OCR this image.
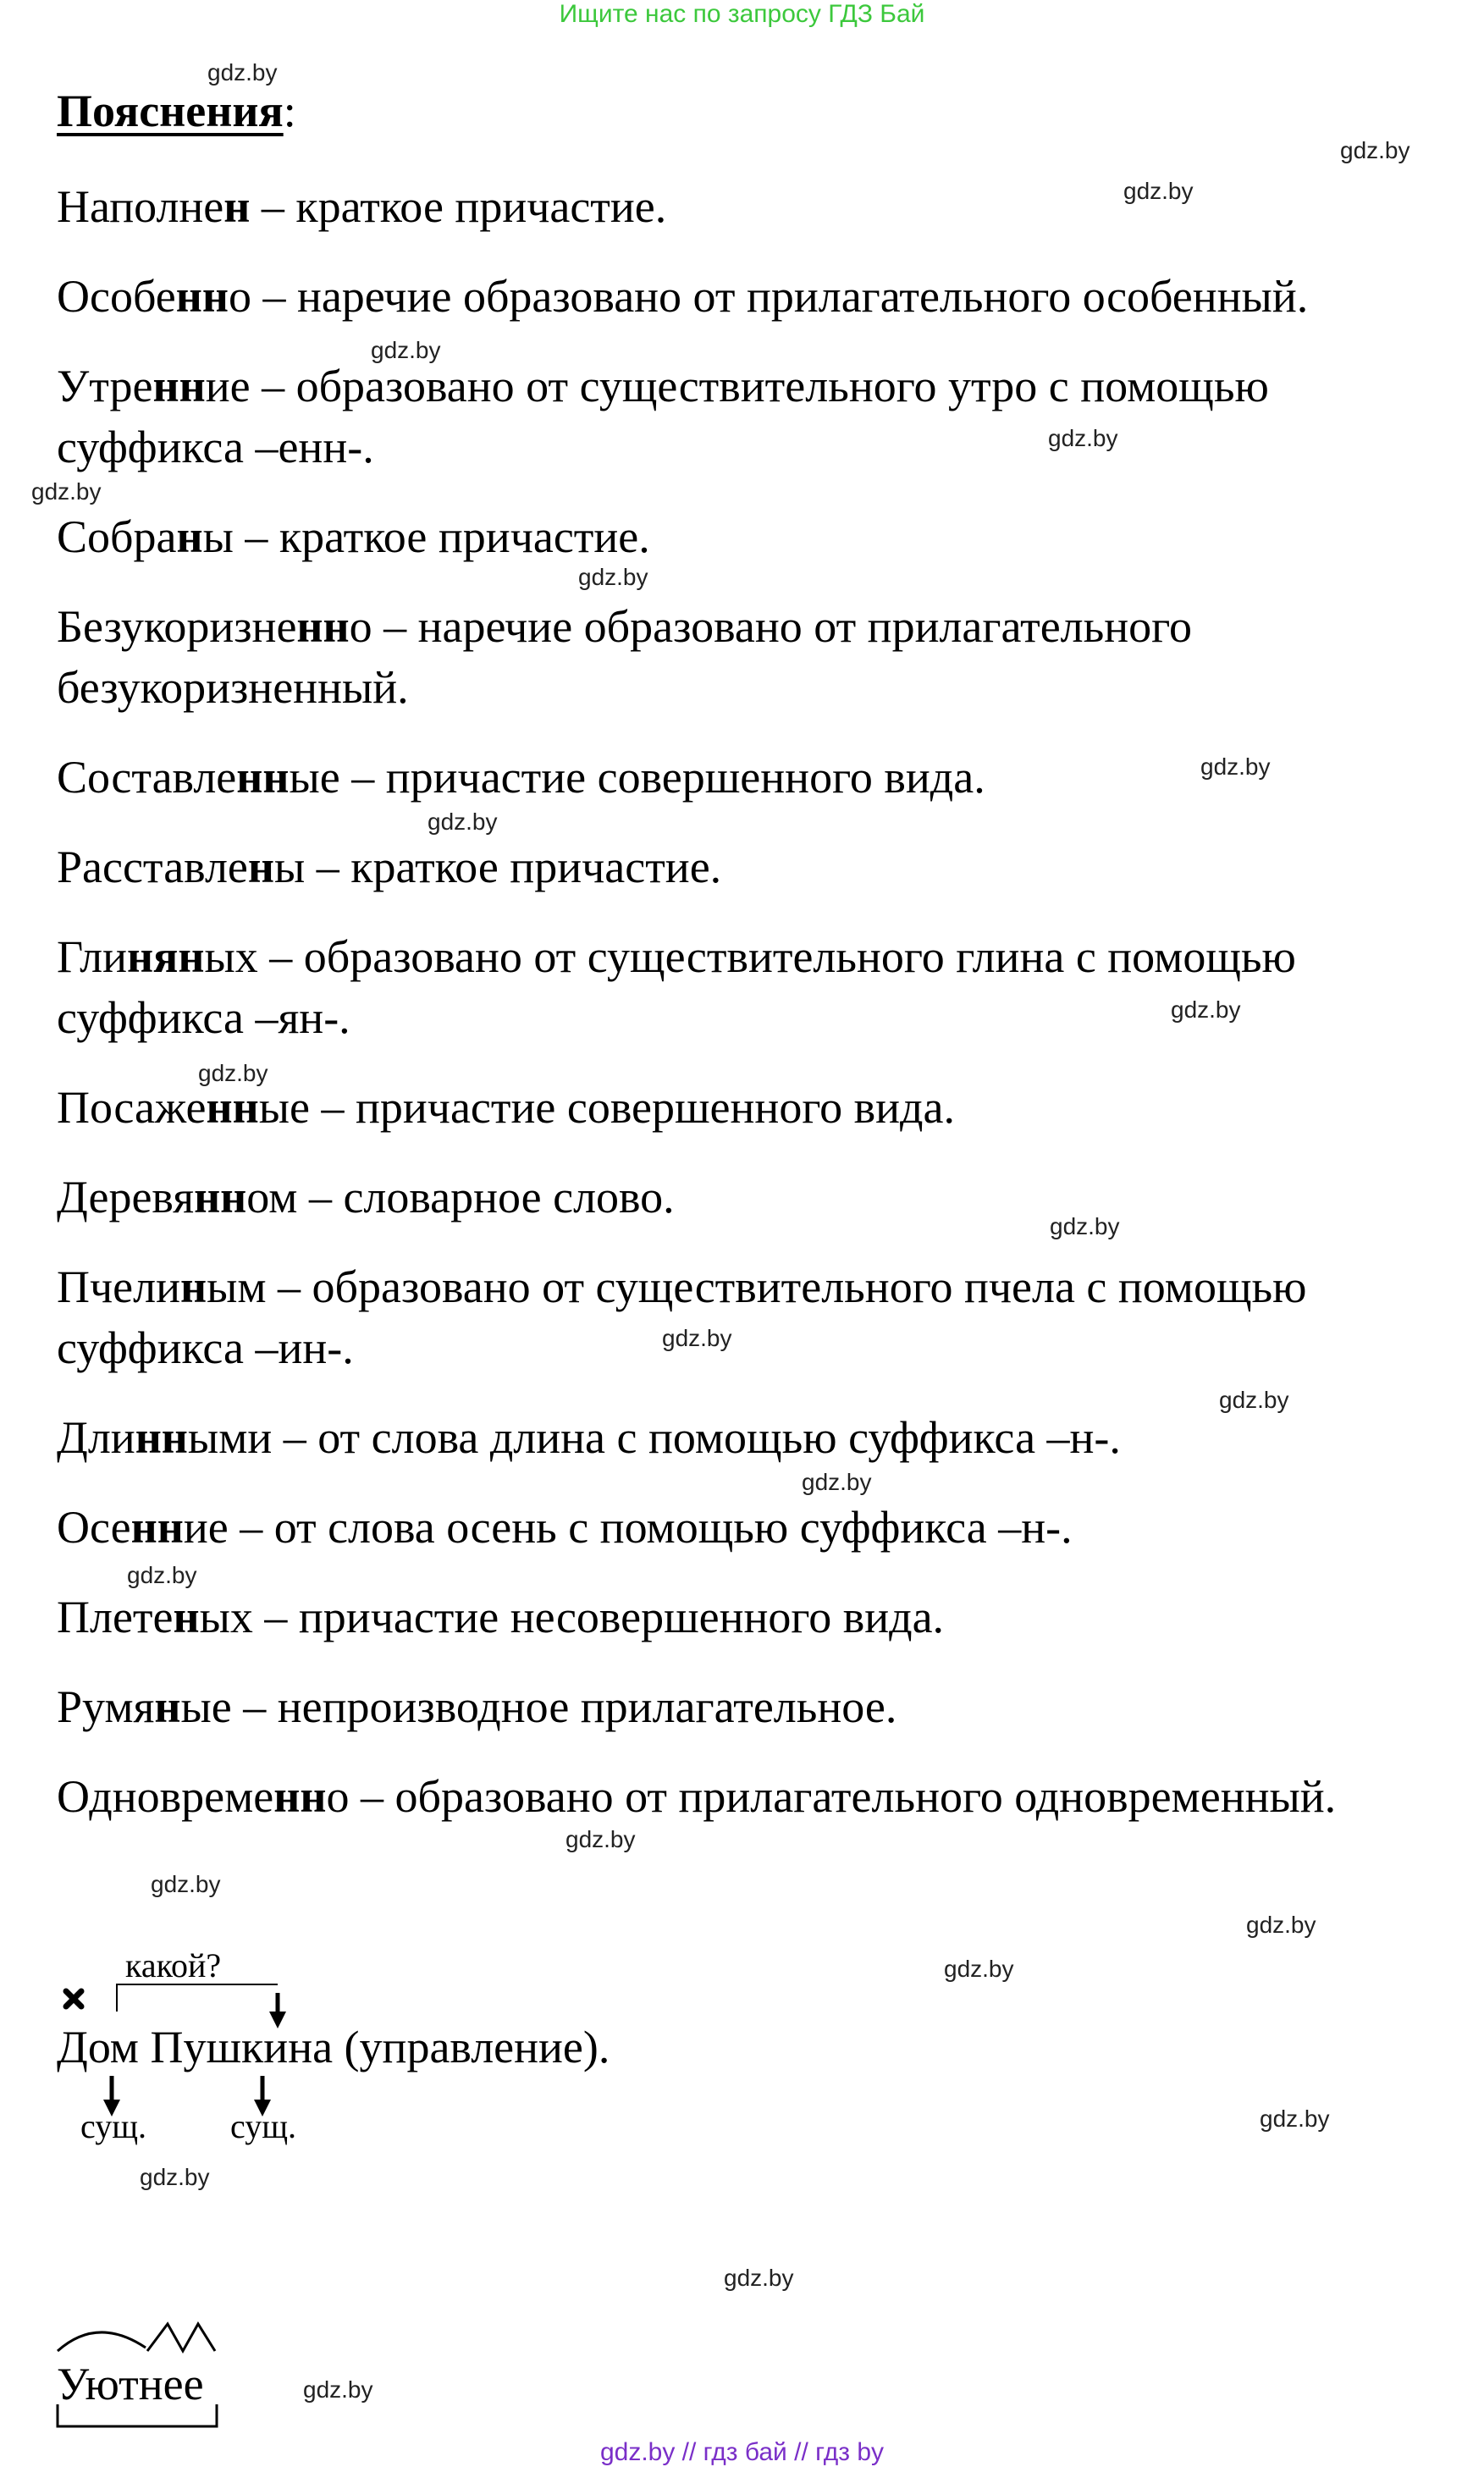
Ищите нас по запросу ГДЗ Бай
gdz.by
gdz.by
gdz.by
gdz.by
gdz.by
gdz.by
gdz.by
gdz.by
gdz.by
gdz.by
gdz.by
gdz.by
gdz.by
gdz.by
gdz.by
gdz.by
gdz.by
gdz.by
gdz.by
gdz.by
gdz.by
gdz.by
gdz.by
gdz.by
Пояснения:
Наполнен – краткое причастие.
Особенно – наречие образовано от прилагательного особенный.
Утренние – образовано от существительного утро с помощью
суффикса –енн-.
Собраны – краткое причастие.
Безукоризненно – наречие образовано от прилагательного
безукоризненный.
Составленные – причастие совершенного вида.
Расставлены – краткое причастие.
Глиняных – образовано от существительного глина с помощью
суффикса –ян-.
Посаженные – причастие совершенного вида.
Деревянном – словарное слово.
Пчелиным – образовано от существительного пчела с помощью
суффикса –ин-.
Длинными – от слова длина с помощью суффикса –н-.
Осенние – от слова осень с помощью суффикса –н-.
Плетеных – причастие несовершенного вида.
Румяные – непроизводное прилагательное.
Одновременно – образовано от прилагательного одновременный.
какой?
Дом Пушкина (управление).
сущ. сущ.
Уютнее
gdz.by // гдз бай // гдз by
